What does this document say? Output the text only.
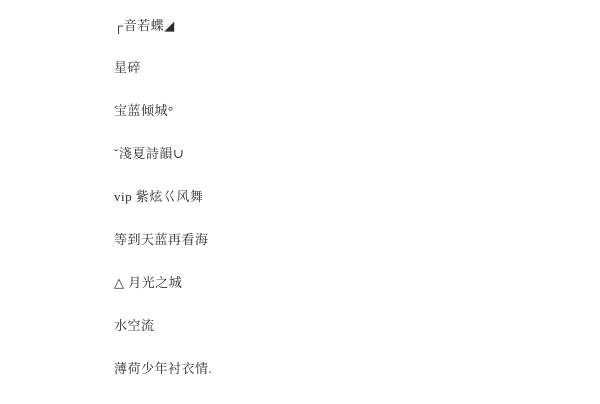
┌音若蝶◢

星碎

宝蓝倾城°

˘淺夏詩韻∪

vip 紫炫巜风舞

等到天蓝再看海

△ 月光之城

水空流

薄荷少年衬衣情.
